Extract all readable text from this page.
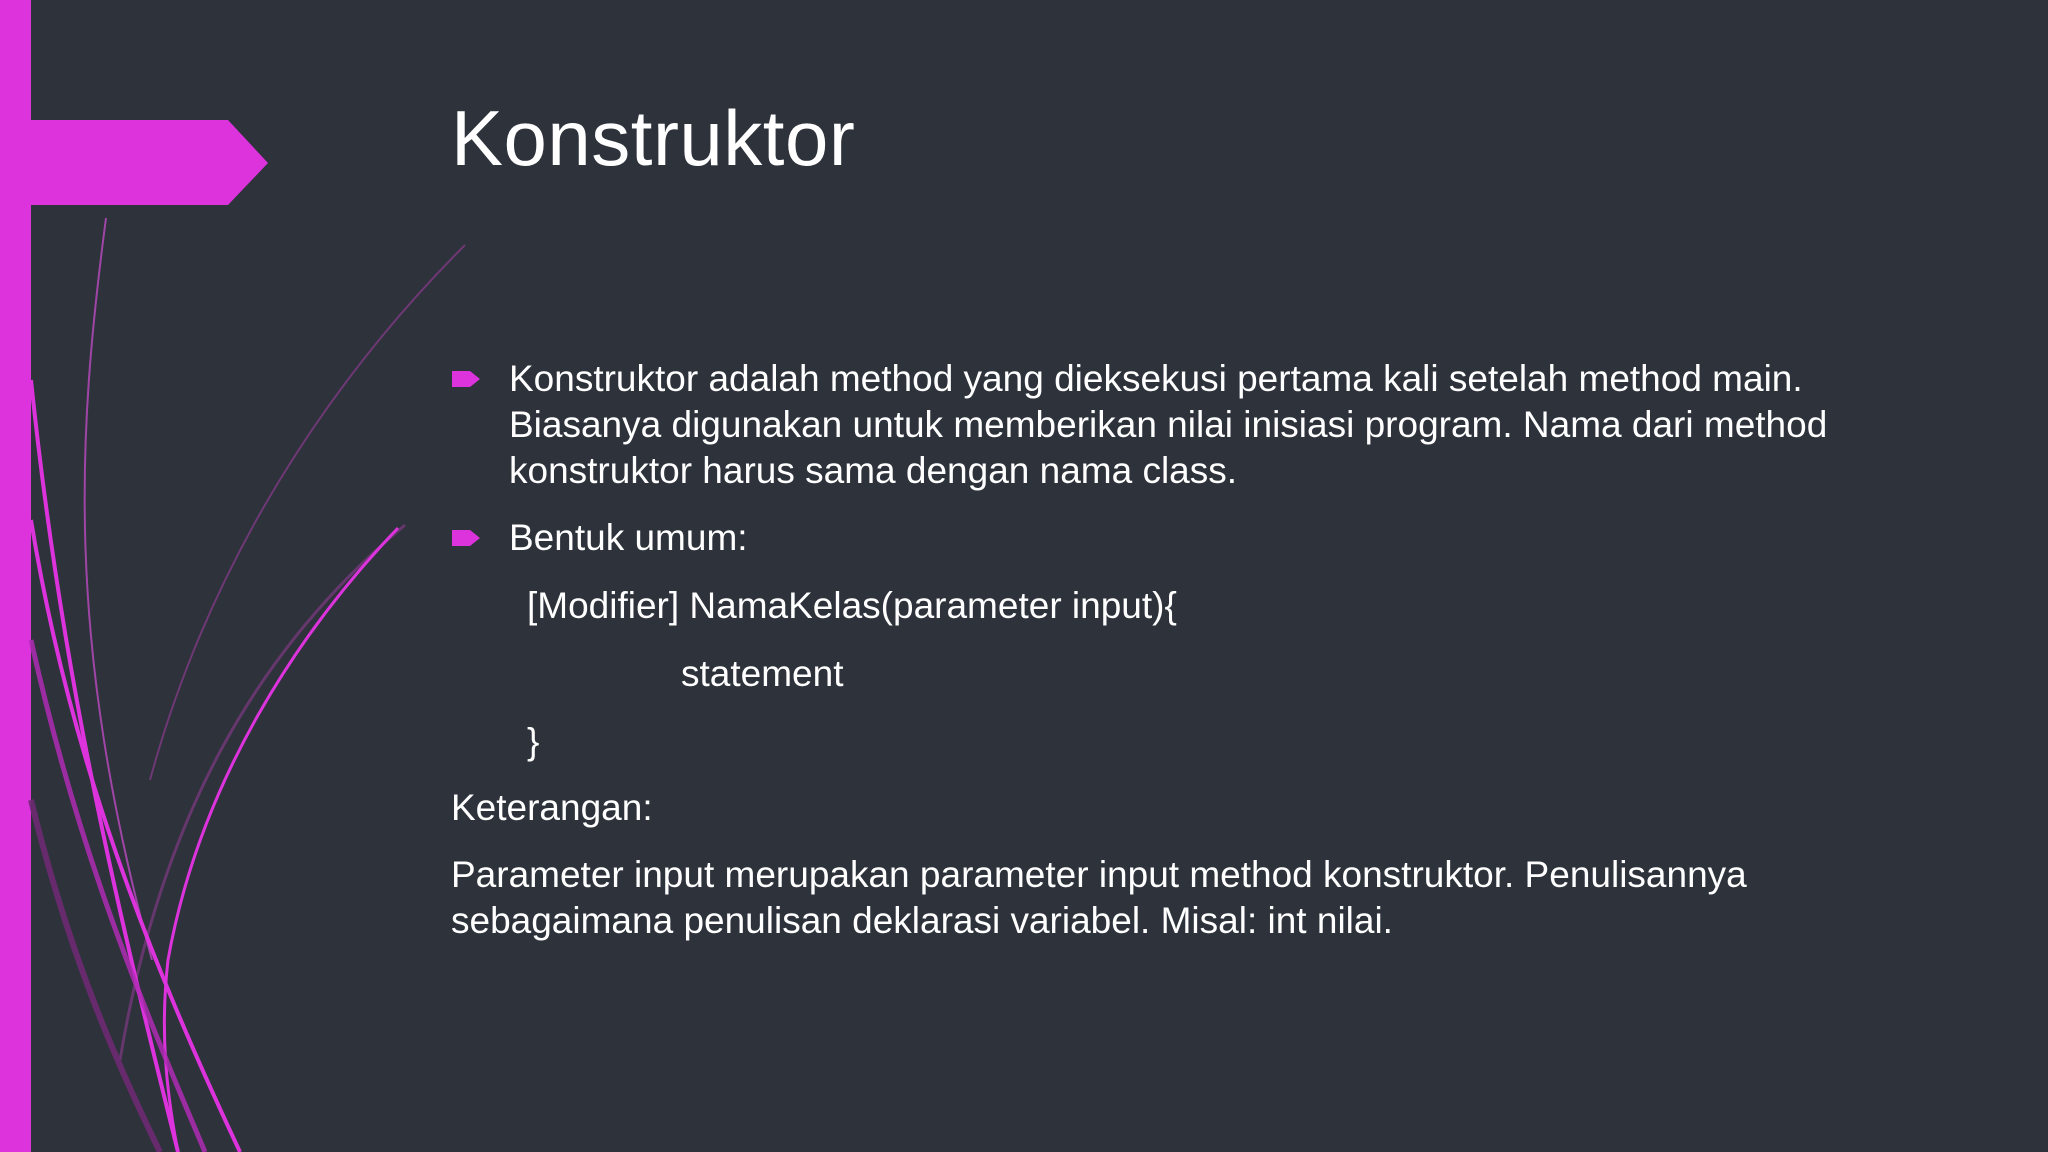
Konstruktor
Konstruktor adalah method yang dieksekusi pertama kali setelah method main.
Biasanya digunakan untuk memberikan nilai inisiasi program. Nama dari method
konstruktor harus sama dengan nama class.
Bentuk umum:
[Modifier] NamaKelas(parameter input){
statement
}
Keterangan:
Parameter input merupakan parameter input method konstruktor. Penulisannya
sebagaimana penulisan deklarasi variabel. Misal: int nilai.
